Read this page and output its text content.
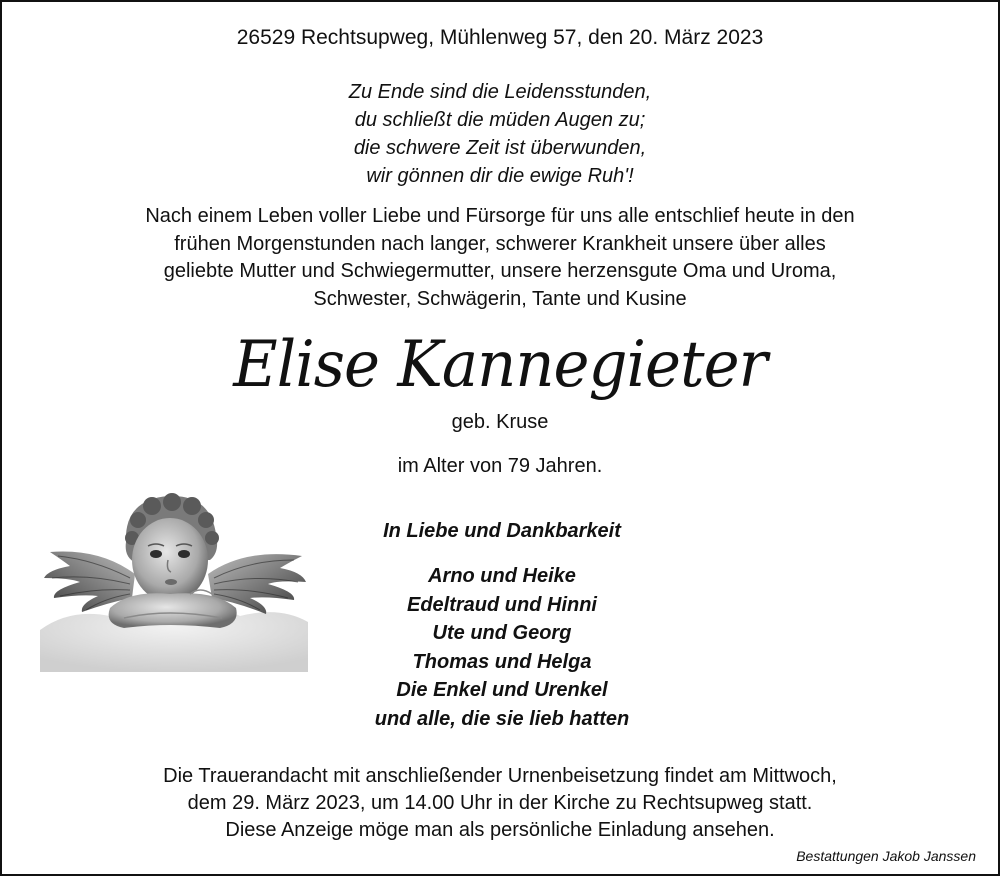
26529 Rechtsupweg, Mühlenweg 57, den 20. März 2023
Zu Ende sind die Leidensstunden,
du schließt die müden Augen zu;
die schwere Zeit ist überwunden,
wir gönnen dir die ewige Ruh'!
Nach einem Leben voller Liebe und Fürsorge für uns alle entschlief heute in den
frühen Morgenstunden nach langer, schwerer Krankheit unsere über alles
geliebte Mutter und Schwiegermutter, unsere herzensgute Oma und Uroma,
Schwester, Schwägerin, Tante und Kusine
Elise Kannegieter
geb. Kruse
im Alter von 79 Jahren.
In Liebe und Dankbarkeit
Arno und Heike
Edeltraud und Hinni
Ute und Georg
Thomas und Helga
Die Enkel und Urenkel
und alle, die sie lieb hatten
Die Trauerandacht mit anschließender Urnenbeisetzung findet am Mittwoch,
dem 29. März 2023, um 14.00 Uhr in der Kirche zu Rechtsupweg statt.
Diese Anzeige möge man als persönliche Einladung ansehen.
Bestattungen Jakob Janssen
